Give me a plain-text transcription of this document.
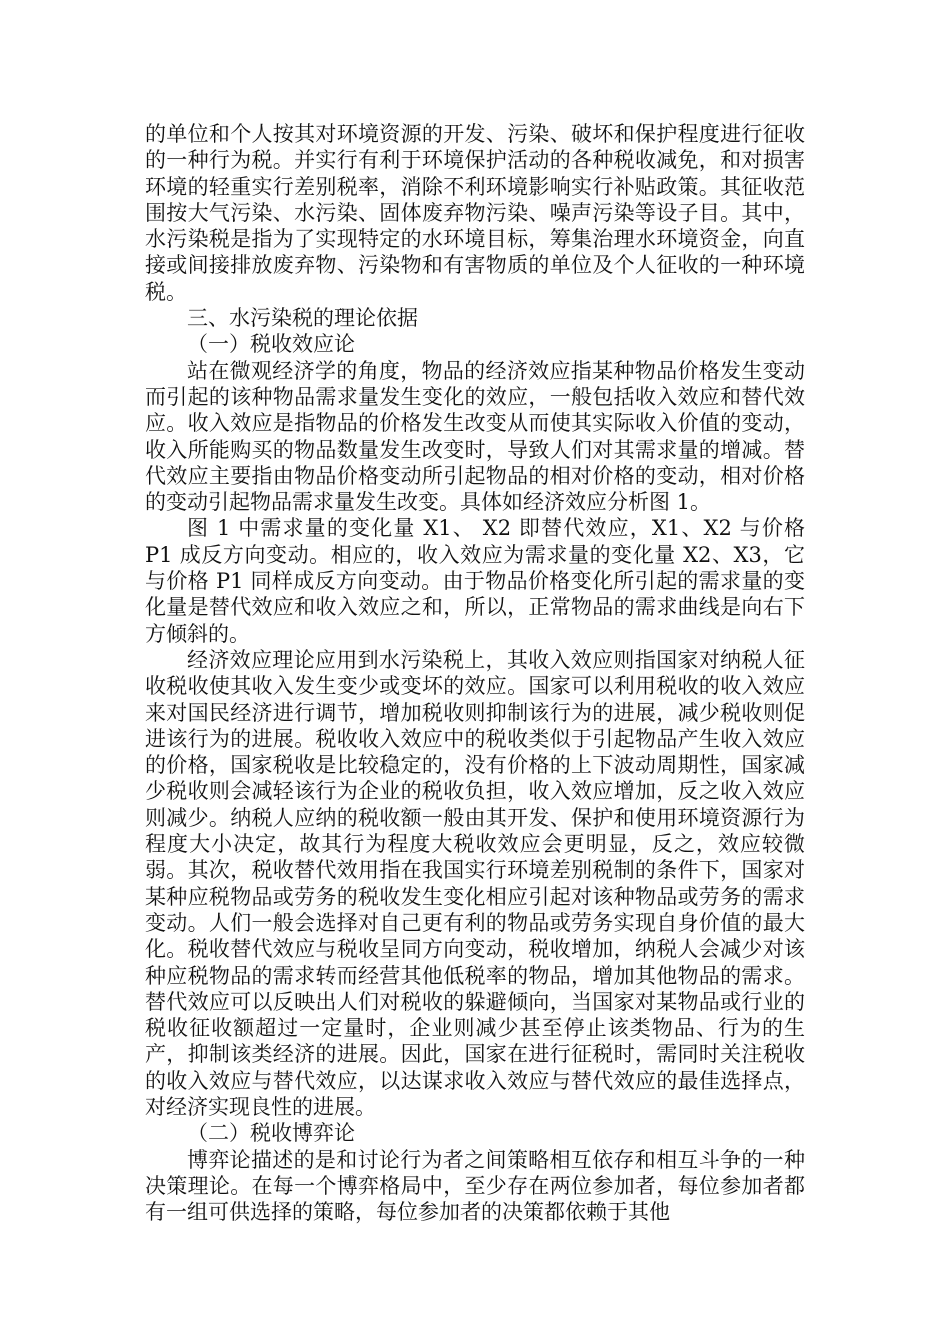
的单位和个人按其对环境资源的开发、污染、破坏和保护程度进行征收的一种行为税。并实行有利于环境保护活动的各种税收减免，和对损害环境的轻重实行差别税率，消除不利环境影响实行补贴政策。其征收范围按大气污染、水污染、固体废弃物污染、噪声污染等设子目。其中，水污染税是指为了实现特定的水环境目标，筹集治理水环境资金，向直接或间接排放废弃物、污染物和有害物质的单位及个人征收的一种环境税。

三、水污染税的理论依据

（一）税收效应论

站在微观经济学的角度，物品的经济效应指某种物品价格发生变动而引起的该种物品需求量发生变化的效应，一般包括收入效应和替代效应。收入效应是指物品的价格发生改变从而使其实际收入价值的变动，收入所能购买的物品数量发生改变时，导致人们对其需求量的增减。替代效应主要指由物品价格变动所引起物品的相对价格的变动，相对价格的变动引起物品需求量发生改变。具体如经济效应分析图 1。

图 1 中需求量的变化量 X1、 X2 即替代效应，X1、X2 与价格 P1 成反方向变动。相应的，收入效应为需求量的变化量 X2、X3，它与价格 P1 同样成反方向变动。由于物品价格变化所引起的需求量的变化量是替代效应和收入效应之和，所以，正常物品的需求曲线是向右下方倾斜的。

经济效应理论应用到水污染税上，其收入效应则指国家对纳税人征收税收使其收入发生变少或变坏的效应。国家可以利用税收的收入效应来对国民经济进行调节，增加税收则抑制该行为的进展，减少税收则促进该行为的进展。税收收入效应中的税收类似于引起物品产生收入效应的价格，国家税收是比较稳定的，没有价格的上下波动周期性，国家减少税收则会减轻该行为企业的税收负担，收入效应增加，反之收入效应则减少。纳税人应纳的税收额一般由其开发、保护和使用环境资源行为程度大小决定，故其行为程度大税收效应会更明显，反之，效应较微弱。其次，税收替代效用指在我国实行环境差别税制的条件下，国家对某种应税物品或劳务的税收发生变化相应引起对该种物品或劳务的需求变动。人们一般会选择对自己更有利的物品或劳务实现自身价值的最大化。税收替代效应与税收呈同方向变动，税收增加，纳税人会减少对该种应税物品的需求转而经营其他低税率的物品，增加其他物品的需求。替代效应可以反映出人们对税收的躲避倾向，当国家对某物品或行业的税收征收额超过一定量时，企业则减少甚至停止该类物品、行为的生产，抑制该类经济的进展。因此，国家在进行征税时，需同时关注税收的收入效应与替代效应，以达谋求收入效应与替代效应的最佳选择点，对经济实现良性的进展。

（二）税收博弈论

博弈论描述的是和讨论行为者之间策略相互依存和相互斗争的一种决策理论。在每一个博弈格局中，至少存在两位参加者，每位参加者都有一组可供选择的策略，每位参加者的决策都依赖于其他
